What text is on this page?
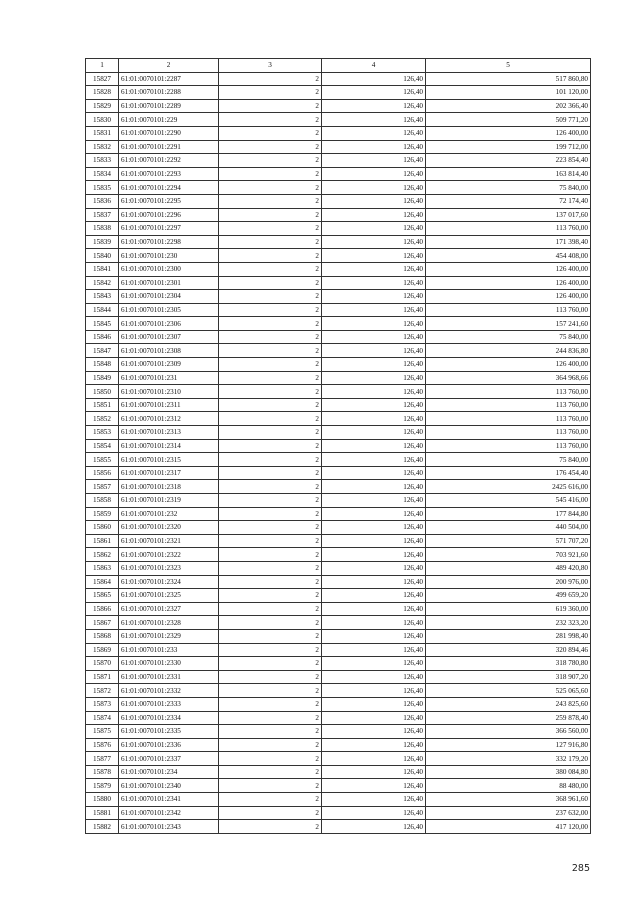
1	2	3	4	5
15827	61:01:0070101:2287	2	126,40	517 860,80
15828	61:01:0070101:2288	2	126,40	101 120,00
15829	61:01:0070101:2289	2	126,40	202 366,40
15830	61:01:0070101:229	2	126,40	509 771,20
15831	61:01:0070101:2290	2	126,40	126 400,00
15832	61:01:0070101:2291	2	126,40	199 712,00
15833	61:01:0070101:2292	2	126,40	223 854,40
15834	61:01:0070101:2293	2	126,40	163 814,40
15835	61:01:0070101:2294	2	126,40	75 840,00
15836	61:01:0070101:2295	2	126,40	72 174,40
15837	61:01:0070101:2296	2	126,40	137 017,60
15838	61:01:0070101:2297	2	126,40	113 760,00
15839	61:01:0070101:2298	2	126,40	171 398,40
15840	61:01:0070101:230	2	126,40	454 408,00
15841	61:01:0070101:2300	2	126,40	126 400,00
15842	61:01:0070101:2301	2	126,40	126 400,00
15843	61:01:0070101:2304	2	126,40	126 400,00
15844	61:01:0070101:2305	2	126,40	113 760,00
15845	61:01:0070101:2306	2	126,40	157 241,60
15846	61:01:0070101:2307	2	126,40	75 840,00
15847	61:01:0070101:2308	2	126,40	244 836,80
15848	61:01:0070101:2309	2	126,40	126 400,00
15849	61:01:0070101:231	2	126,40	364 968,66
15850	61:01:0070101:2310	2	126,40	113 760,00
15851	61:01:0070101:2311	2	126,40	113 760,00
15852	61:01:0070101:2312	2	126,40	113 760,00
15853	61:01:0070101:2313	2	126,40	113 760,00
15854	61:01:0070101:2314	2	126,40	113 760,00
15855	61:01:0070101:2315	2	126,40	75 840,00
15856	61:01:0070101:2317	2	126,40	176 454,40
15857	61:01:0070101:2318	2	126,40	2425 616,00
15858	61:01:0070101:2319	2	126,40	545 416,00
15859	61:01:0070101:232	2	126,40	177 844,80
15860	61:01:0070101:2320	2	126,40	440 504,00
15861	61:01:0070101:2321	2	126,40	571 707,20
15862	61:01:0070101:2322	2	126,40	703 921,60
15863	61:01:0070101:2323	2	126,40	489 420,80
15864	61:01:0070101:2324	2	126,40	200 976,00
15865	61:01:0070101:2325	2	126,40	499 659,20
15866	61:01:0070101:2327	2	126,40	619 360,00
15867	61:01:0070101:2328	2	126,40	232 323,20
15868	61:01:0070101:2329	2	126,40	281 998,40
15869	61:01:0070101:233	2	126,40	320 894,46
15870	61:01:0070101:2330	2	126,40	318 780,80
15871	61:01:0070101:2331	2	126,40	318 907,20
15872	61:01:0070101:2332	2	126,40	525 065,60
15873	61:01:0070101:2333	2	126,40	243 825,60
15874	61:01:0070101:2334	2	126,40	259 878,40
15875	61:01:0070101:2335	2	126,40	366 560,00
15876	61:01:0070101:2336	2	126,40	127 916,80
15877	61:01:0070101:2337	2	126,40	332 179,20
15878	61:01:0070101:234	2	126,40	380 084,80
15879	61:01:0070101:2340	2	126,40	88 480,00
15880	61:01:0070101:2341	2	126,40	368 961,60
15881	61:01:0070101:2342	2	126,40	237 632,00
15882	61:01:0070101:2343	2	126,40	417 120,00
285
